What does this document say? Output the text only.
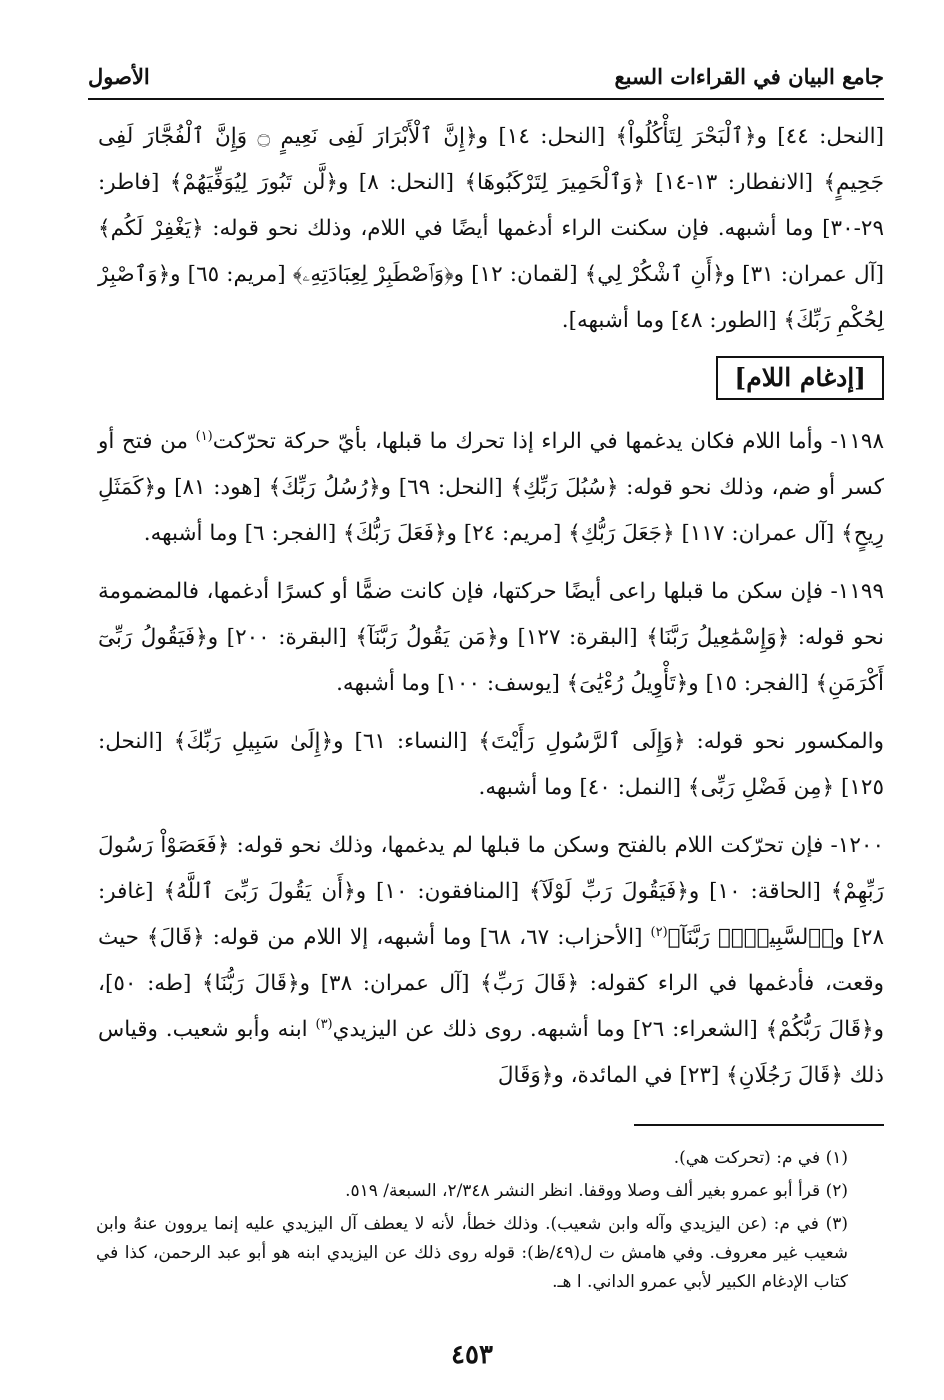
جامع البيان في القراءات السبع
الأصول

[النحل: ٤٤] و﴿ٱلْبَحْرَ لِتَأْكُلُواْ﴾ [النحل: ١٤] و﴿إِنَّ ٱلْأَبْرَارَ لَفِى نَعِيمٍ ۝ وَإِنَّ ٱلْفُجَّارَ لَفِى جَحِيمٍ﴾ [الانفطار: ١٣-١٤] ﴿وَٱلْحَمِيرَ لِتَرْكَبُوهَا﴾ [النحل: ٨] و﴿لَّن تَبُورَ لِيُوَفِّيَهُمْ﴾ [فاطر: ٢٩-٣٠] وما أشبهه. فإن سكنت الراء أدغمها أيضًا في اللام، وذلك نحو قوله: ﴿يَغْفِرْ لَكُم﴾ [آل عمران: ٣١] و﴿أَنِ ٱشْكُرْ لِي﴾ [لقمان: ١٢] و﴿وَٱصْطَبِرْ لِعِبَادَتِهِۦ﴾ [مريم: ٦٥] و﴿وَٱصْبِرْ لِحُكْمِ رَبِّكَ﴾ [الطور: ٤٨] وما أشبهه].

[إدغام اللام]

١١٩٨- وأما اللام فكان يدغمها في الراء إذا تحرك ما قبلها، بأيّ حركة تحرّكت$^{(١)}$ من فتح أو كسر أو ضم، وذلك نحو قوله: ﴿سُبُلَ رَبِّكِ﴾ [النحل: ٦٩] و﴿رُسُلُ رَبِّكَ﴾ [هود: ٨١] و﴿كَمَثَلِ رِيحٍ﴾ [آل عمران: ١١٧] ﴿جَعَلَ رَبُّكِ﴾ [مريم: ٢٤] و﴿فَعَلَ رَبُّكَ﴾ [الفجر: ٦] وما أشبهه.

١١٩٩- فإن سكن ما قبلها راعى أيضًا حركتها، فإن كانت ضمًّا أو كسرًا أدغمها، فالمضمومة نحو قوله: ﴿وَإِسْمَٰعِيلُ رَبَّنَا﴾ [البقرة: ١٢٧] و﴿مَن يَقُولُ رَبَّنَآ﴾ [البقرة: ٢٠٠] و﴿فَيَقُولُ رَبِّىٓ أَكْرَمَنِ﴾ [الفجر: ١٥] و﴿تَأْوِيلُ رُءْيَٰىَ﴾ [يوسف: ١٠٠] وما أشبهه.

والمكسور نحو قوله: ﴿وَإِلَى ٱلرَّسُولِ رَأَيْتَ﴾ [النساء: ٦١] و﴿إِلَىٰ سَبِيلِ رَبِّكَ﴾ [النحل: ١٢٥] ﴿مِن فَضْلِ رَبِّى﴾ [النمل: ٤٠] وما أشبهه.

١٢٠٠- فإن تحرّكت اللام بالفتح وسكن ما قبلها لم يدغمها، وذلك نحو قوله: ﴿فَعَصَوْاْ رَسُولَ رَبِّهِمْ﴾ [الحاقة: ١٠] و﴿فَيَقُولَ رَبِّ لَوْلَآ﴾ [المنافقون: ١٠] و﴿أَن يَقُولَ رَبِّىَ ٱللَّهُ﴾ [غافر: ٢٨] و﴿ٱلسَّبِيلَا۠ رَبَّنَآ﴾$^{(٢)}$ [الأحزاب: ٦٧، ٦٨] وما أشبهه، إلا اللام من قوله: ﴿قَالَ﴾ حيث وقعت، فأدغمها في الراء كقوله: ﴿قَالَ رَبِّ﴾ [آل عمران: ٣٨] و﴿قَالَ رَبُّنَا﴾ [طه: ٥٠]، و﴿قَالَ رَبُّكُمْ﴾ [الشعراء: ٢٦] وما أشبهه. روى ذلك عن اليزيدي$^{(٣)}$ ابنه وأبو شعيب. وقياس ذلك ﴿قَالَ رَجُلَانِ﴾ [٢٣] في المائدة، و﴿وَقَالَ

(١) في م: (تحركت هي).

(٢) قرأ أبو عمرو بغير ألف وصلا ووقفا. انظر النشر ٢/٣٤٨، السبعة/ ٥١٩.

(٣) في م: (عن اليزيدي وآله وابن شعيب). وذلك خطأ، لأنه لا يعطف آل اليزيدي عليه إنما يروون عنهُ وابن شعيب غير معروف. وفي هامش ت ل(٤٩/ظ): قوله روى ذلك عن اليزيدي ابنه هو أبو عبد الرحمن، كذا في كتاب الإدغام الكبير لأبي عمرو الداني. ا هـ.

٤٥٣
